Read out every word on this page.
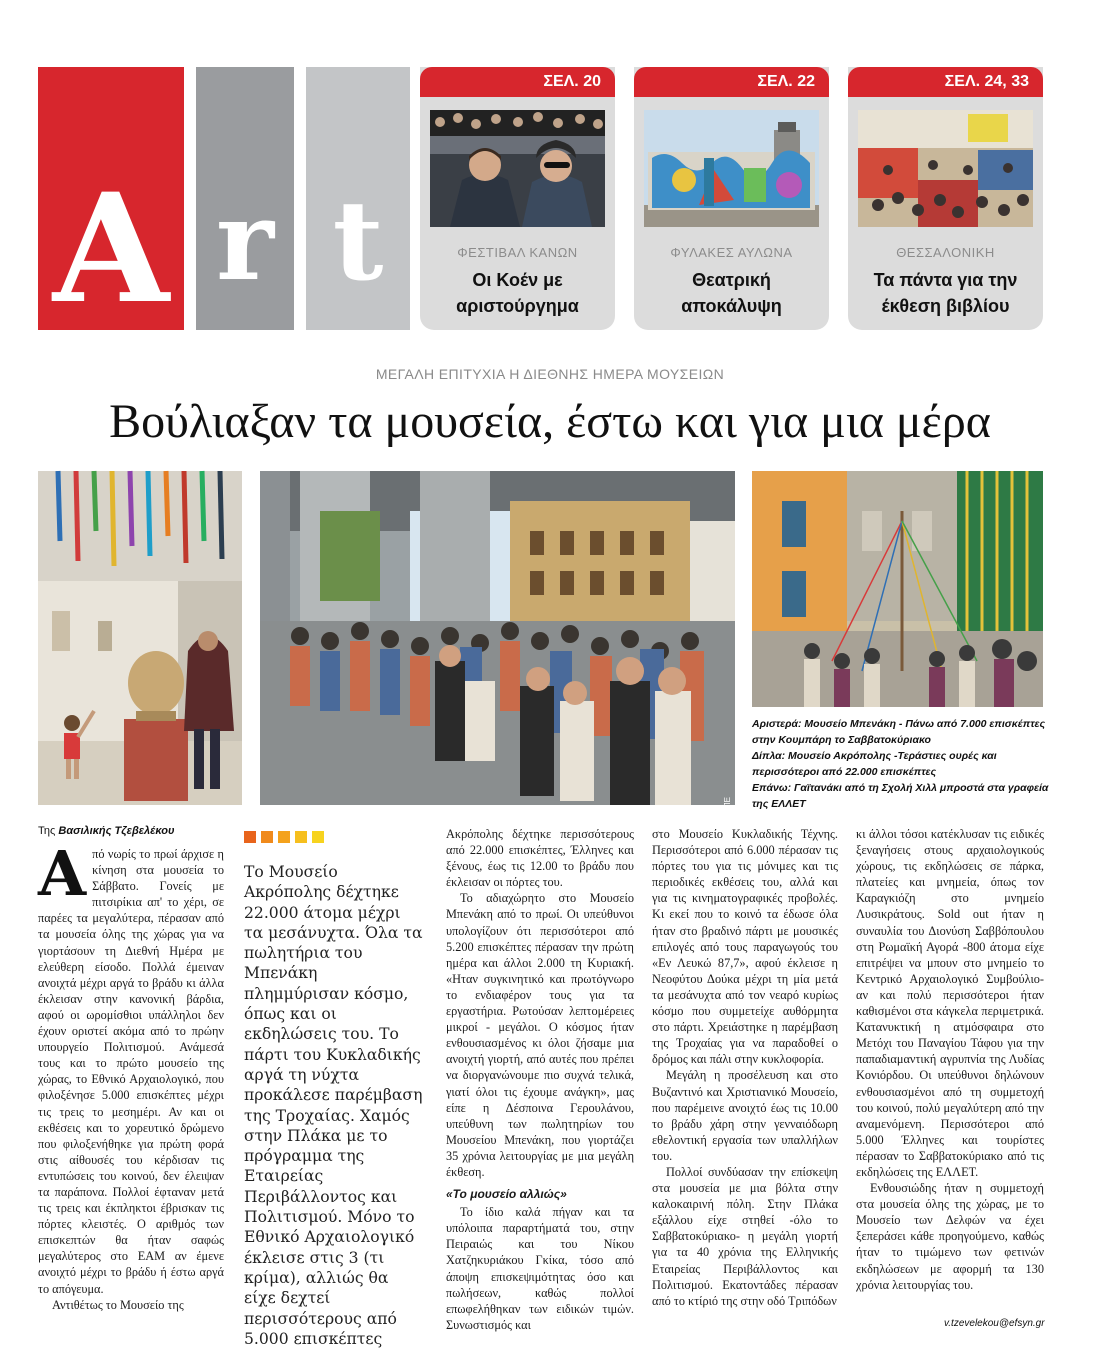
A r t
ΣΕΛ. 20
ΦΕΣΤΙΒΑΛ ΚΑΝΩΝ
Οι Κοέν με αριστούργημα
ΣΕΛ. 22
ΦΥΛΑΚΕΣ ΑΥΛΩΝΑ
Θεατρική αποκάλυψη
ΣΕΛ. 24, 33
ΘΕΣΣΑΛΟΝΙΚΗ
Τα πάντα για την έκθεση βιβλίου
ΜΕΓΑΛΗ ΕΠΙΤΥΧΙΑ Η ΔΙΕΘΝΗΣ ΗΜΕΡΑ ΜΟΥΣΕΙΩΝ
Βούλιαξαν τα μουσεία, έστω και για μια μέρα
ΑΠΕ
Αριστερά: Μουσείο Μπενάκη - Πάνω από 7.000 επισκέπτες
στην Κουμπάρη το Σαββατοκύριακο
Δίπλα: Μουσείο Ακρόπολης -Τεράστιες ουρές και
περισσότεροι από 22.000 επισκέπτες
Επάνω: Γαϊτανάκι από τη Σχολή Χιλλ μπροστά στα γραφεία
της ΕΛΛΕΤ
Της Βασιλικής Τζεβελέκου

Από νωρίς το πρωί άρχισε η κίνηση στα μουσεία το Σάββατο. Γονείς με πιτσιρίκια απ' το χέρι, σε παρέες τα μεγαλύτερα, πέρασαν από τα μουσεία όλης της χώρας για να γιορτάσουν τη Διεθνή Ημέρα με ελεύθερη είσοδο. Πολλά έμειναν ανοιχτά μέχρι αργά το βράδυ κι άλλα έκλεισαν στην κανονική βάρδια, αφού οι ωρομίσθιοι υπάλληλοι δεν έχουν οριστεί ακόμα από το πρώην υπουργείο Πολιτισμού. Ανάμεσά τους και το πρώτο μουσείο της χώρας, το Εθνικό Αρχαιολογικό, που φιλοξένησε 5.000 επισκέπτες μέχρι τις τρεις το μεσημέρι. Αν και οι εκθέσεις και το χορευτικό δρώμενο που φιλοξενήθηκε για πρώτη φορά στις αίθουσές του κέρδισαν τις εντυπώσεις του κοινού, δεν έλειψαν τα παράπονα. Πολλοί έφταναν μετά τις τρεις και έκπληκτοι έβρισκαν τις πόρτες κλειστές. Ο αριθμός των επισκεπτών θα ήταν σαφώς μεγαλύτερος στο ΕΑΜ αν έμενε ανοιχτό μέχρι το βράδυ ή έστω αργά το απόγευμα.

Αντιθέτως το Μουσείο της

Το Μουσείο Ακρόπολης δέχτηκε 22.000 άτομα μέχρι τα μεσάνυχτα. Όλα τα πωλητήρια του Μπενάκη πλημμύρισαν κόσμο, όπως και οι εκδηλώσεις του. Το πάρτι του Κυκλαδικής αργά τη νύχτα προκάλεσε παρέμβαση της Τροχαίας. Χαμός στην Πλάκα με το πρόγραμμα της Εταιρείας Περιβάλλοντος και Πολιτισμού. Μόνο το Εθνικό Αρχαιολογικό έκλεισε στις 3 (τι κρίμα), αλλιώς θα είχε δεχτεί περισσότερους από 5.000 επισκέπτες

Ακρόπολης δέχτηκε περισσότερους από 22.000 επισκέπτες, Έλληνες και ξένους, έως τις 12.00 το βράδυ που έκλεισαν οι πόρτες του.

Το αδιαχώρητο στο Μουσείο Μπενάκη από το πρωί. Οι υπεύθυνοι υπολογίζουν ότι περισσότεροι από 5.200 επισκέπτες πέρασαν την πρώτη ημέρα και άλλοι 2.000 τη Κυριακή. «Ηταν συγκινητικό και πρωτόγνωρο το ενδιαφέρον τους για τα εργαστήρια. Ρωτούσαν λεπτομέρειες μικροί - μεγάλοι. Ο κόσμος ήταν ενθουσιασμένος κι όλοι ζήσαμε μια ανοιχτή γιορτή, από αυτές που πρέπει να διοργανώνουμε πιο συχνά τελικά, γιατί όλοι τις έχουμε ανάγκη», μας είπε η Δέσποινα Γερουλάνου, υπεύθυνη των πωλητηρίων του Μουσείου Μπενάκη, που γιορτάζει 35 χρόνια λειτουργίας με μια μεγάλη έκθεση.

«Το μουσείο αλλιώς»

Το ίδιο καλά πήγαν και τα υπόλοιπα παραρτήματά του, στην Πειραιώς και του Νίκου Χατζηκυριάκου Γκίκα, τόσο από άποψη επισκεψιμότητας όσο και πωλήσεων, καθώς πολλοί επωφελήθηκαν των ειδικών τιμών. Συνωστισμός και

στο Μουσείο Κυκλαδικής Τέχνης. Περισσότεροι από 6.000 πέρασαν τις πόρτες του για τις μόνιμες και τις περιοδικές εκθέσεις του, αλλά και για τις κινηματογραφικές προβολές. Κι εκεί που το κοινό τα έδωσε όλα ήταν στο βραδινό πάρτι με μουσικές επιλογές από τους παραγωγούς του «Εν Λευκώ 87,7», αφού έκλεισε η Νεοφύτου Δούκα μέχρι τη μία μετά τα μεσάνυχτα από τον νεαρό κυρίως κόσμο που συμμετείχε αυθόρμητα στο πάρτι. Χρειάστηκε η παρέμβαση της Τροχαίας για να παραδοθεί ο δρόμος και πάλι στην κυκλοφορία.

Μεγάλη η προσέλευση και στο Βυζαντινό και Χριστιανικό Μουσείο, που παρέμεινε ανοιχτό έως τις 10.00 το βράδυ χάρη στην γενναιόδωρη εθελοντική εργασία των υπαλλήλων του.

Πολλοί συνδύασαν την επίσκεψη στα μουσεία με μια βόλτα στην καλοκαιρινή πόλη. Στην Πλάκα εξάλλου είχε στηθεί -όλο το Σαββατοκύριακο- η μεγάλη γιορτή για τα 40 χρόνια της Ελληνικής Εταιρείας Περιβάλλοντος και Πολιτισμού. Εκατοντάδες πέρασαν από το κτίριό της στην οδό Τριπόδων

κι άλλοι τόσοι κατέκλυσαν τις ειδικές ξεναγήσεις στους αρχαιολογικούς χώρους, τις εκδηλώσεις σε πάρκα, πλατείες και μνημεία, όπως τον Καραγκιόζη στο μνημείο Λυσικράτους. Sold out ήταν η συναυλία του Διονύση Σαββόπουλου στη Ρωμαϊκή Αγορά -800 άτομα είχε επιτρέψει να μπουν στο μνημείο το Κεντρικό Αρχαιολογικό Συμβούλιο- αν και πολύ περισσότεροι ήταν καθισμένοι στα κάγκελα περιμετρικά. Κατανυκτική η ατμόσφαιρα στο Μετόχι του Παναγίου Τάφου για την παπαδιαμαντική αγρυπνία της Λυδίας Κονιόρδου. Οι υπεύθυνοι δηλώνουν ενθουσιασμένοι από τη συμμετοχή του κοινού, πολύ μεγαλύτερη από την αναμενόμενη. Περισσότεροι από 5.000 Έλληνες και τουρίστες πέρασαν το Σαββατοκύριακο από τις εκδηλώσεις της ΕΛΛΕΤ.

Ενθουσιώδης ήταν η συμμετοχή στα μουσεία όλης της χώρας, με το Μουσείο των Δελφών να έχει ξεπεράσει κάθε προηγούμενο, καθώς ήταν το τιμώμενο των φετινών εκδηλώσεων με αφορμή τα 130 χρόνια λειτουργίας του.

v.tzevelekou@efsyn.gr
